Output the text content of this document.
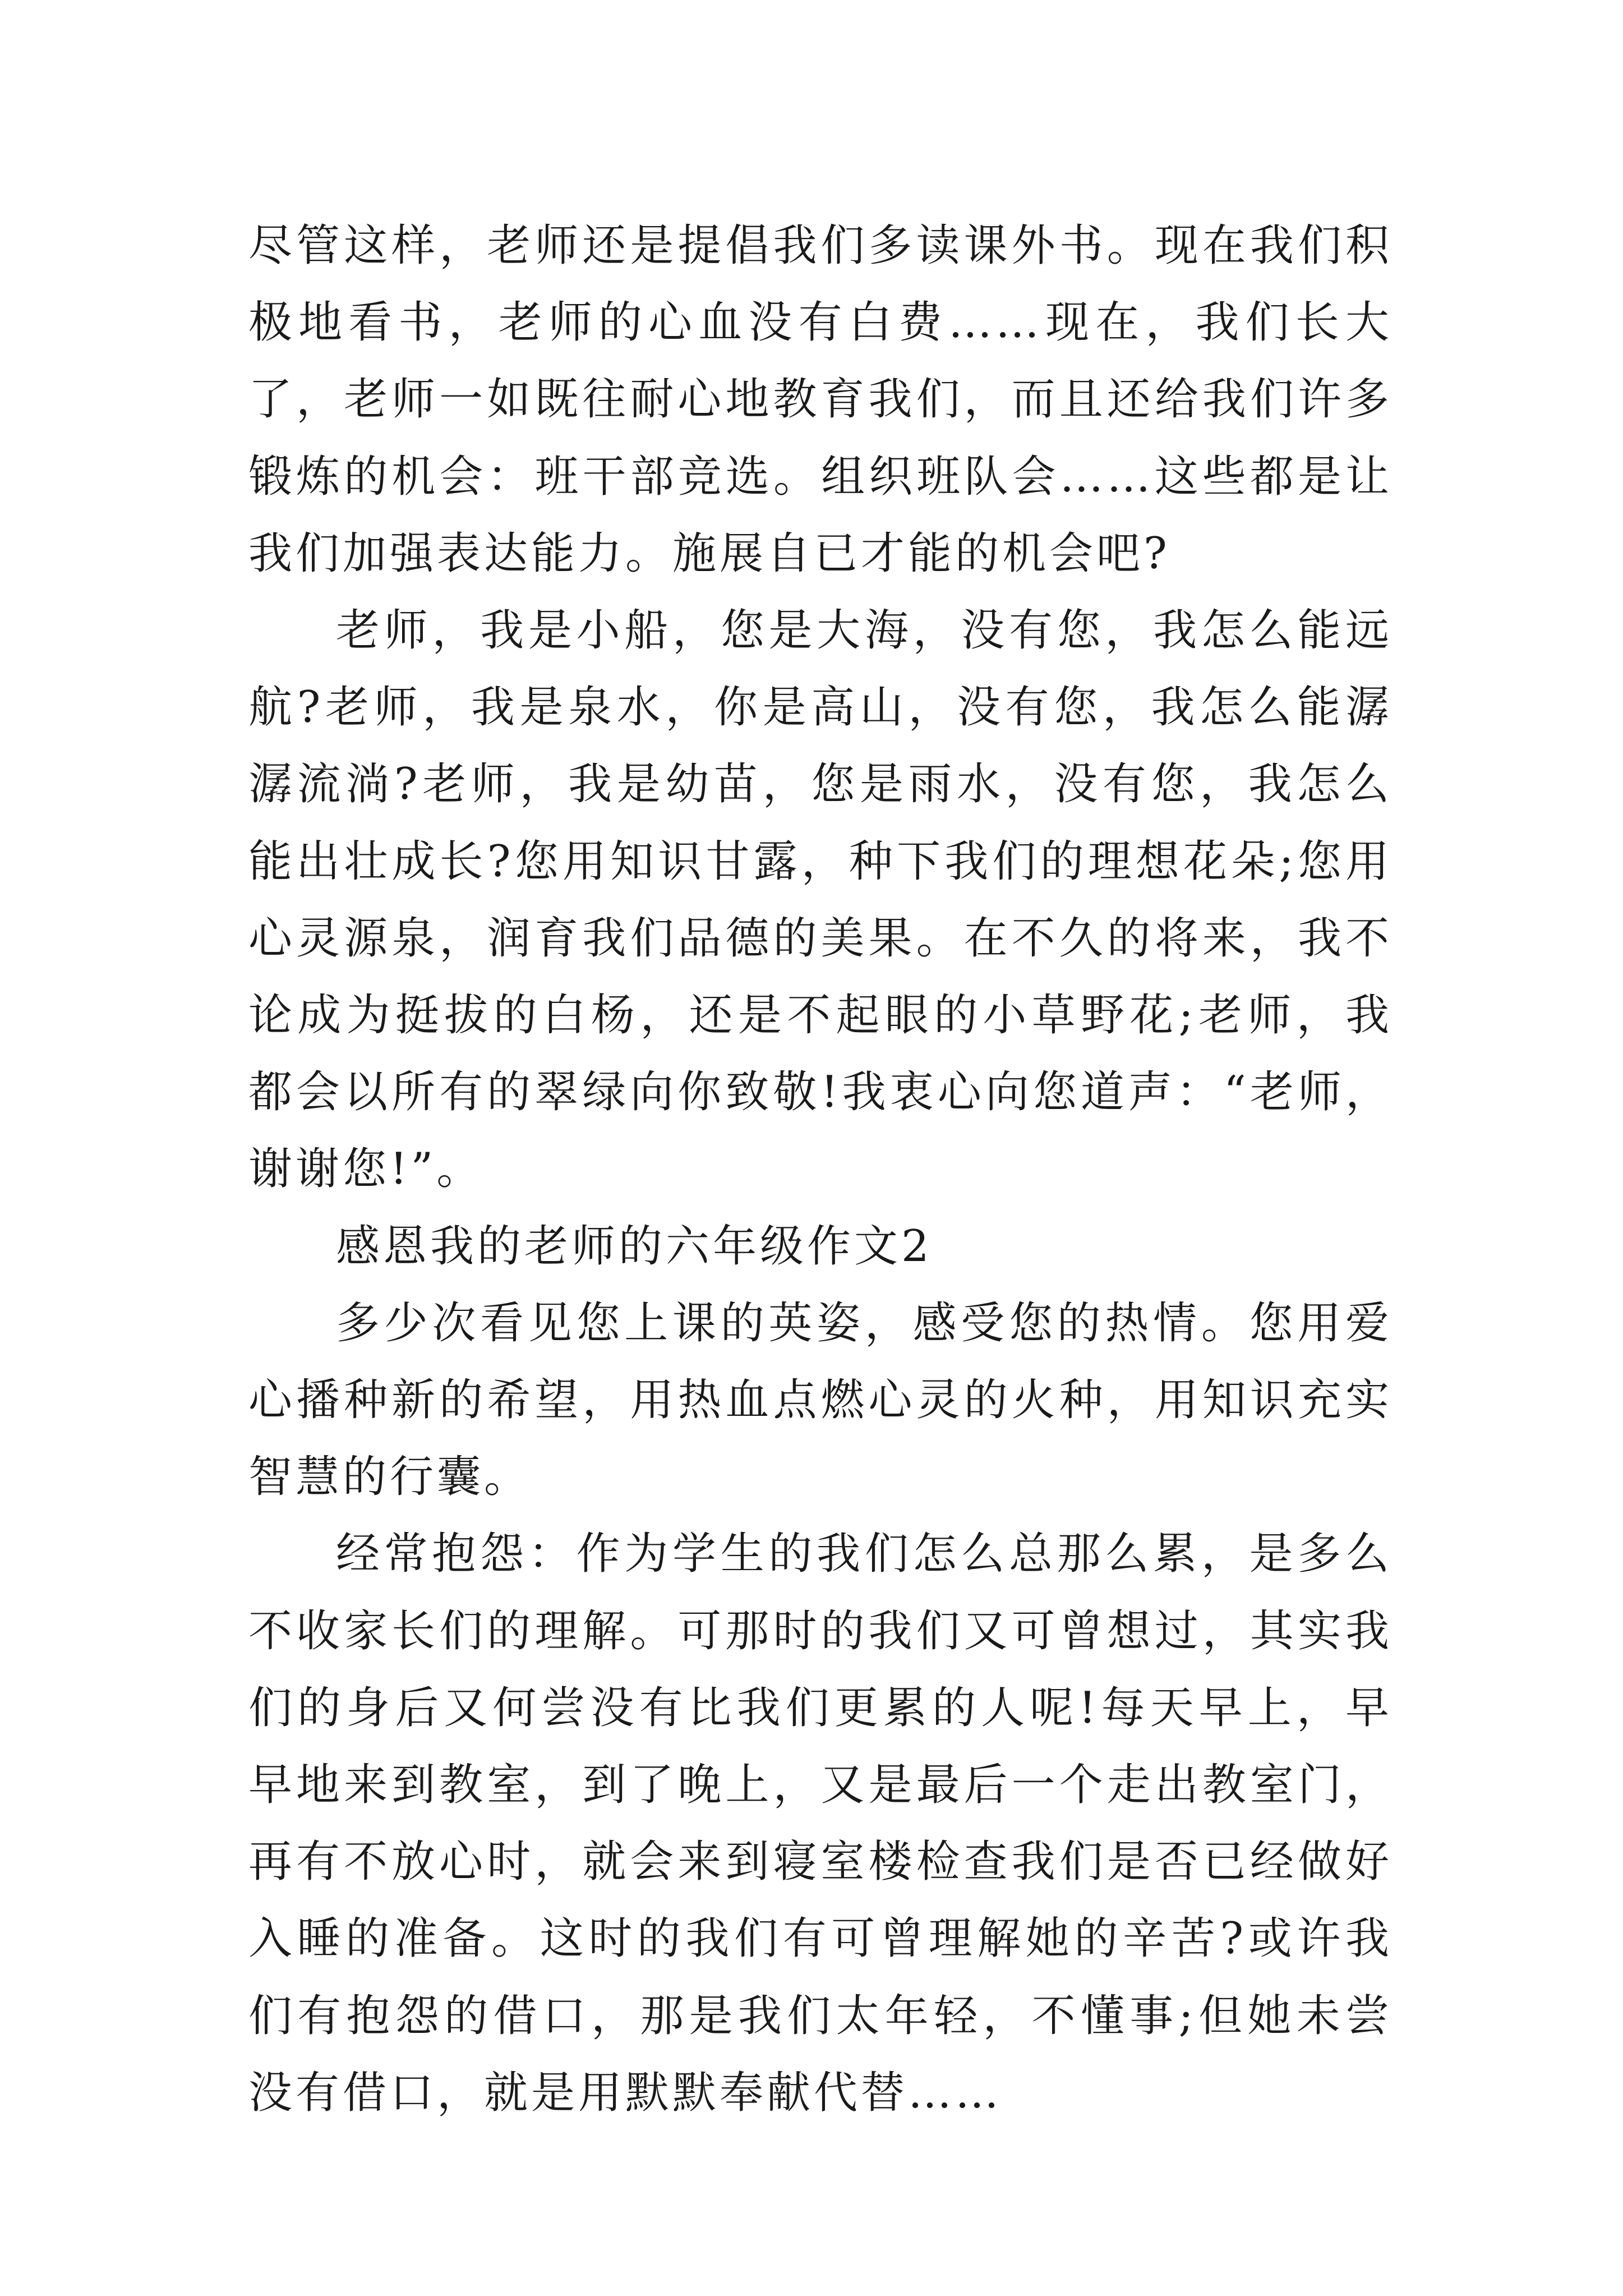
尽管这样，老师还是提倡我们多读课外书。现在我们积极地看书，老师的心血没有白费……现在，我们长大了，老师一如既往耐心地教育我们，而且还给我们许多锻炼的机会：班干部竞选。组织班队会……这些都是让我们加强表达能力。施展自已才能的机会吧?

老师，我是小船，您是大海，没有您，我怎么能远航?老师，我是泉水，你是高山，没有您，我怎么能潺潺流淌?老师，我是幼苗，您是雨水，没有您，我怎么能出壮成长?您用知识甘露，种下我们的理想花朵;您用心灵源泉，润育我们品德的美果。在不久的将来，我不论成为挺拔的白杨，还是不起眼的小草野花;老师，我都会以所有的翠绿向你致敬!我衷心向您道声：“老师，谢谢您!”。

感恩我的老师的六年级作文2

多少次看见您上课的英姿，感受您的热情。您用爱心播种新的希望，用热血点燃心灵的火种，用知识充实智慧的行囊。

经常抱怨：作为学生的我们怎么总那么累，是多么不收家长们的理解。可那时的我们又可曾想过，其实我们的身后又何尝没有比我们更累的人呢!每天早上，早早地来到教室，到了晚上，又是最后一个走出教室门，再有不放心时，就会来到寝室楼检查我们是否已经做好入睡的准备。这时的我们有可曾理解她的辛苦?或许我们有抱怨的借口，那是我们太年轻，不懂事;但她未尝没有借口，就是用默默奉献代替……
